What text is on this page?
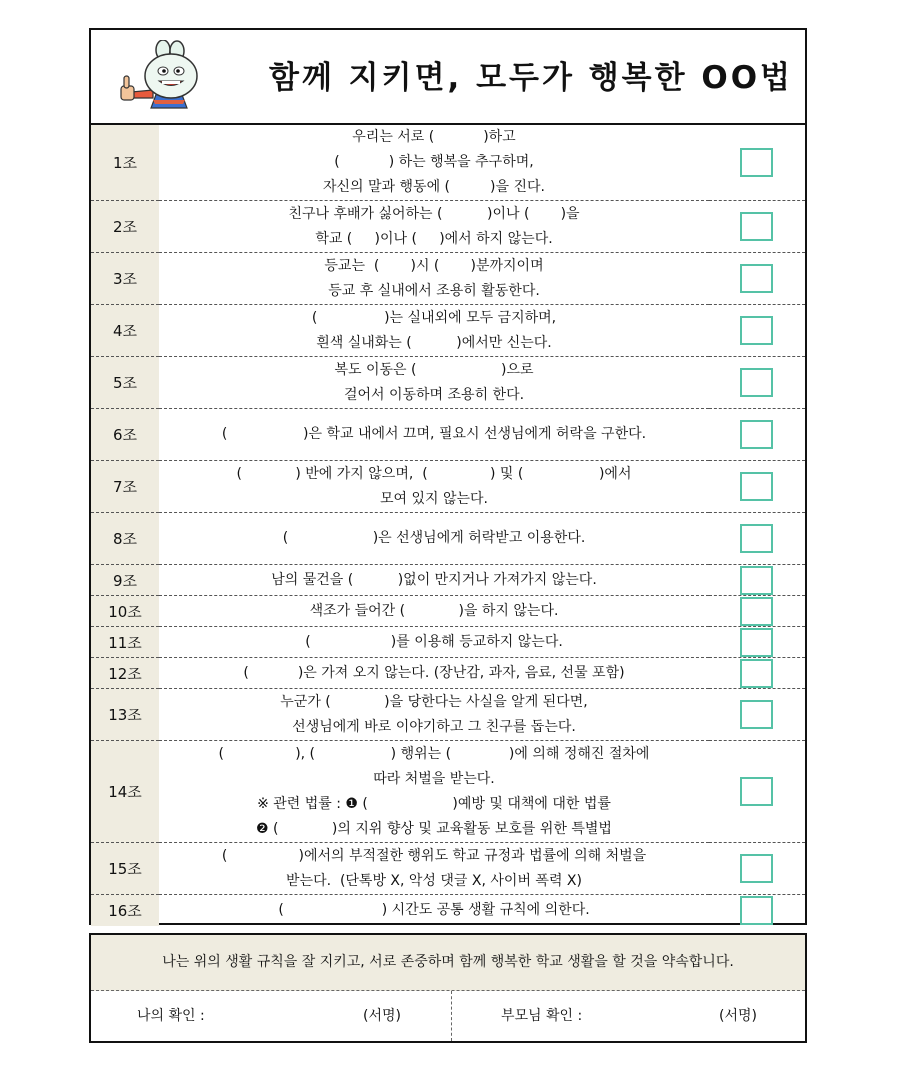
함께 지키면, 모두가 행복한 OO법
1조	우리는 서로 (           )하고
(           ) 하는 행복을 추구하며,
자신의 말과 행동에 (         )을 진다.	

2조	친구나 후배가 싫어하는 (          )이나 (       )을
학교 (     )이나 (     )에서 하지 않는다.	

3조	등교는  (       )시 (       )분까지이며
등교 후 실내에서 조용히 활동한다.	

4조	(               )는 실내외에 모두 금지하며,
흰색 실내화는 (          )에서만 신는다.	

5조	복도 이동은 (                   )으로
걸어서 이동하며 조용히 한다.	

6조	(                 )은 학교 내에서 끄며, 필요시 선생님에게 허락을 구한다.	

7조	(            ) 반에 가지 않으며,  (              ) 및 (                 )에서
모여 있지 않는다.	

8조	(                   )은 선생님에게 허락받고 이용한다.	

9조	남의 물건을 (          )없이 만지거나 가져가지 않는다.	

10조	색조가 들어간 (            )을 하지 않는다.	

11조	(                  )를 이용해 등교하지 않는다.	

12조	(           )은 가져 오지 않는다. (장난감, 과자, 음료, 선물 포함)	

13조	누군가 (            )을 당한다는 사실을 알게 된다면,
선생님에게 바로 이야기하고 그 친구를 돕는다.	

14조	(                ), (                 ) 행위는 (             )에 의해 정해진 절차에
따라 처벌을 받는다.
※ 관련 법률 : ❶ (                   )예방 및 대책에 대한 법률
❷ (            )의 지위 향상 및 교육활동 보호를 위한 특별법	

15조	(                )에서의 부적절한 행위도 학교 규정과 법률에 의해 처벌을
받는다.  (단톡방 X, 악성 댓글 X, 사이버 폭력 X)	

16조	(                      ) 시간도 공통 생활 규칙에 의한다.	
나는 위의 생활 규칙을 잘 지키고, 서로 존중하며 함께 행복한 학교 생활을 할 것을 약속합니다.
나의 확인 :	(서명)	부모님 확인 :	(서명)
